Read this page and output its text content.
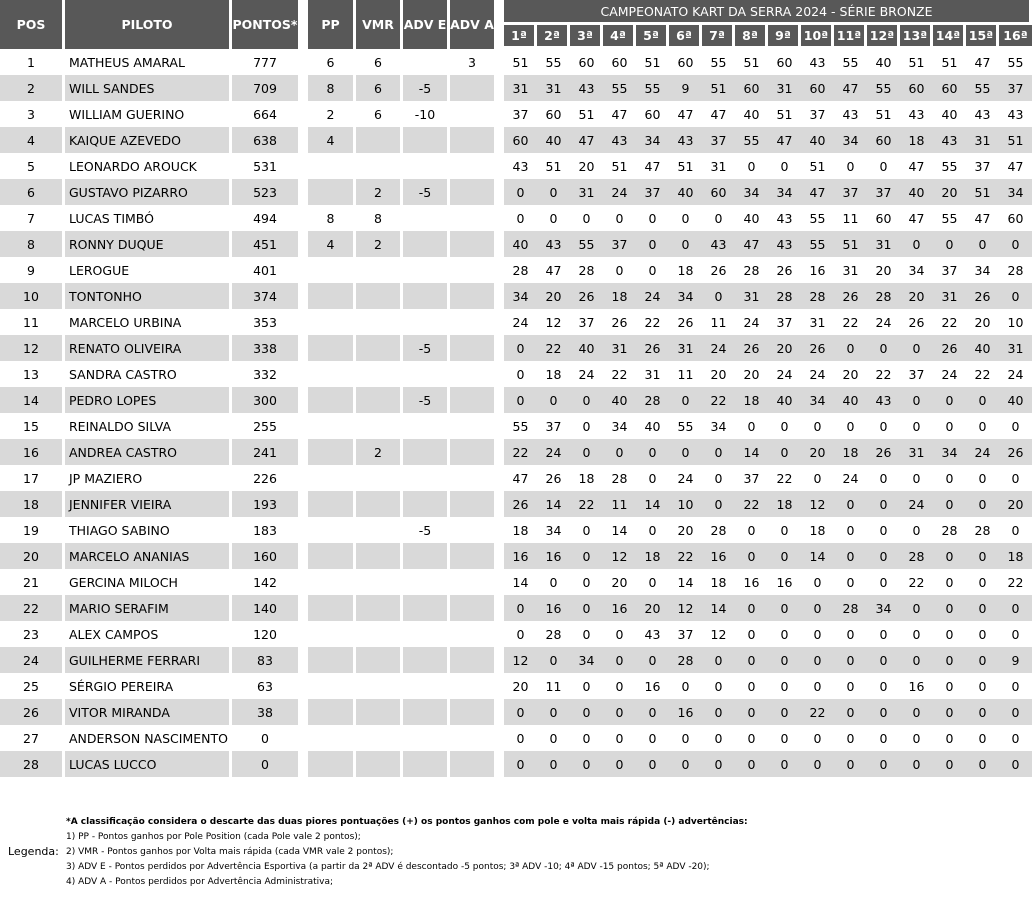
POS	PILOTO	PONTOS*		PP	VMR	ADV E	ADV A		CAMPEONATO KART DA SERRA 2024 - SÉRIE BRONZE															
									1ª	2ª	3ª	4ª	5ª	6ª	7ª	8ª	9ª	10ª	11ª	12ª	13ª	14ª	15ª	16ª
1	MATHEUS AMARAL	777		6	6		3		51	55	60	60	51	60	55	51	60	43	55	40	51	51	47	55
2	WILL SANDES	709		8	6	-5			31	31	43	55	55	9	51	60	31	60	47	55	60	60	55	37
3	WILLIAM GUERINO	664		2	6	-10			37	60	51	47	60	47	47	40	51	37	43	51	43	40	43	43
4	KAIQUE AZEVEDO	638		4					60	40	47	43	34	43	37	55	47	40	34	60	18	43	31	51
5	LEONARDO AROUCK	531							43	51	20	51	47	51	31	0	0	51	0	0	47	55	37	47
6	GUSTAVO PIZARRO	523			2	-5			0	0	31	24	37	40	60	34	34	47	37	37	40	20	51	34
7	LUCAS TIMBÓ	494		8	8				0	0	0	0	0	0	0	40	43	55	11	60	47	55	47	60
8	RONNY DUQUE	451		4	2				40	43	55	37	0	0	43	47	43	55	51	31	0	0	0	0
9	LEROGUE	401							28	47	28	0	0	18	26	28	26	16	31	20	34	37	34	28
10	TONTONHO	374							34	20	26	18	24	34	0	31	28	28	26	28	20	31	26	0
11	MARCELO URBINA	353							24	12	37	26	22	26	11	24	37	31	22	24	26	22	20	10
12	RENATO OLIVEIRA	338				-5			0	22	40	31	26	31	24	26	20	26	0	0	0	26	40	31
13	SANDRA CASTRO	332							0	18	24	22	31	11	20	20	24	24	20	22	37	24	22	24
14	PEDRO LOPES	300				-5			0	0	0	40	28	0	22	18	40	34	40	43	0	0	0	40
15	REINALDO SILVA	255							55	37	0	34	40	55	34	0	0	0	0	0	0	0	0	0
16	ANDREA CASTRO	241			2				22	24	0	0	0	0	0	14	0	20	18	26	31	34	24	26
17	JP MAZIERO	226							47	26	18	28	0	24	0	37	22	0	24	0	0	0	0	0
18	JENNIFER VIEIRA	193							26	14	22	11	14	10	0	22	18	12	0	0	24	0	0	20
19	THIAGO SABINO	183				-5			18	34	0	14	0	20	28	0	0	18	0	0	0	28	28	0
20	MARCELO ANANIAS	160							16	16	0	12	18	22	16	0	0	14	0	0	28	0	0	18
21	GERCINA MILOCH	142							14	0	0	20	0	14	18	16	16	0	0	0	22	0	0	22
22	MARIO SERAFIM	140							0	16	0	16	20	12	14	0	0	0	28	34	0	0	0	0
23	ALEX CAMPOS	120							0	28	0	0	43	37	12	0	0	0	0	0	0	0	0	0
24	GUILHERME FERRARI	83							12	0	34	0	0	28	0	0	0	0	0	0	0	0	0	9
25	SÉRGIO PEREIRA	63							20	11	0	0	16	0	0	0	0	0	0	0	16	0	0	0
26	VITOR MIRANDA	38							0	0	0	0	0	16	0	0	0	22	0	0	0	0	0	0
27	ANDERSON NASCIMENTO	0							0	0	0	0	0	0	0	0	0	0	0	0	0	0	0	0
28	LUCAS LUCCO	0							0	0	0	0	0	0	0	0	0	0	0	0	0	0	0	0
Legenda:
*A classificação considera o descarte das duas piores pontuações (+) os pontos ganhos com pole e volta mais rápida (-) advertências:
1) PP - Pontos ganhos por Pole Position (cada Pole vale 2 pontos);
2) VMR - Pontos ganhos por Volta mais rápida (cada VMR vale 2 pontos);
3) ADV E - Pontos perdidos por Advertência Esportiva (a partir da 2ª ADV é descontado -5 pontos; 3ª ADV -10; 4ª ADV -15 pontos; 5ª ADV -20);
4) ADV A - Pontos perdidos por Advertência Administrativa;
